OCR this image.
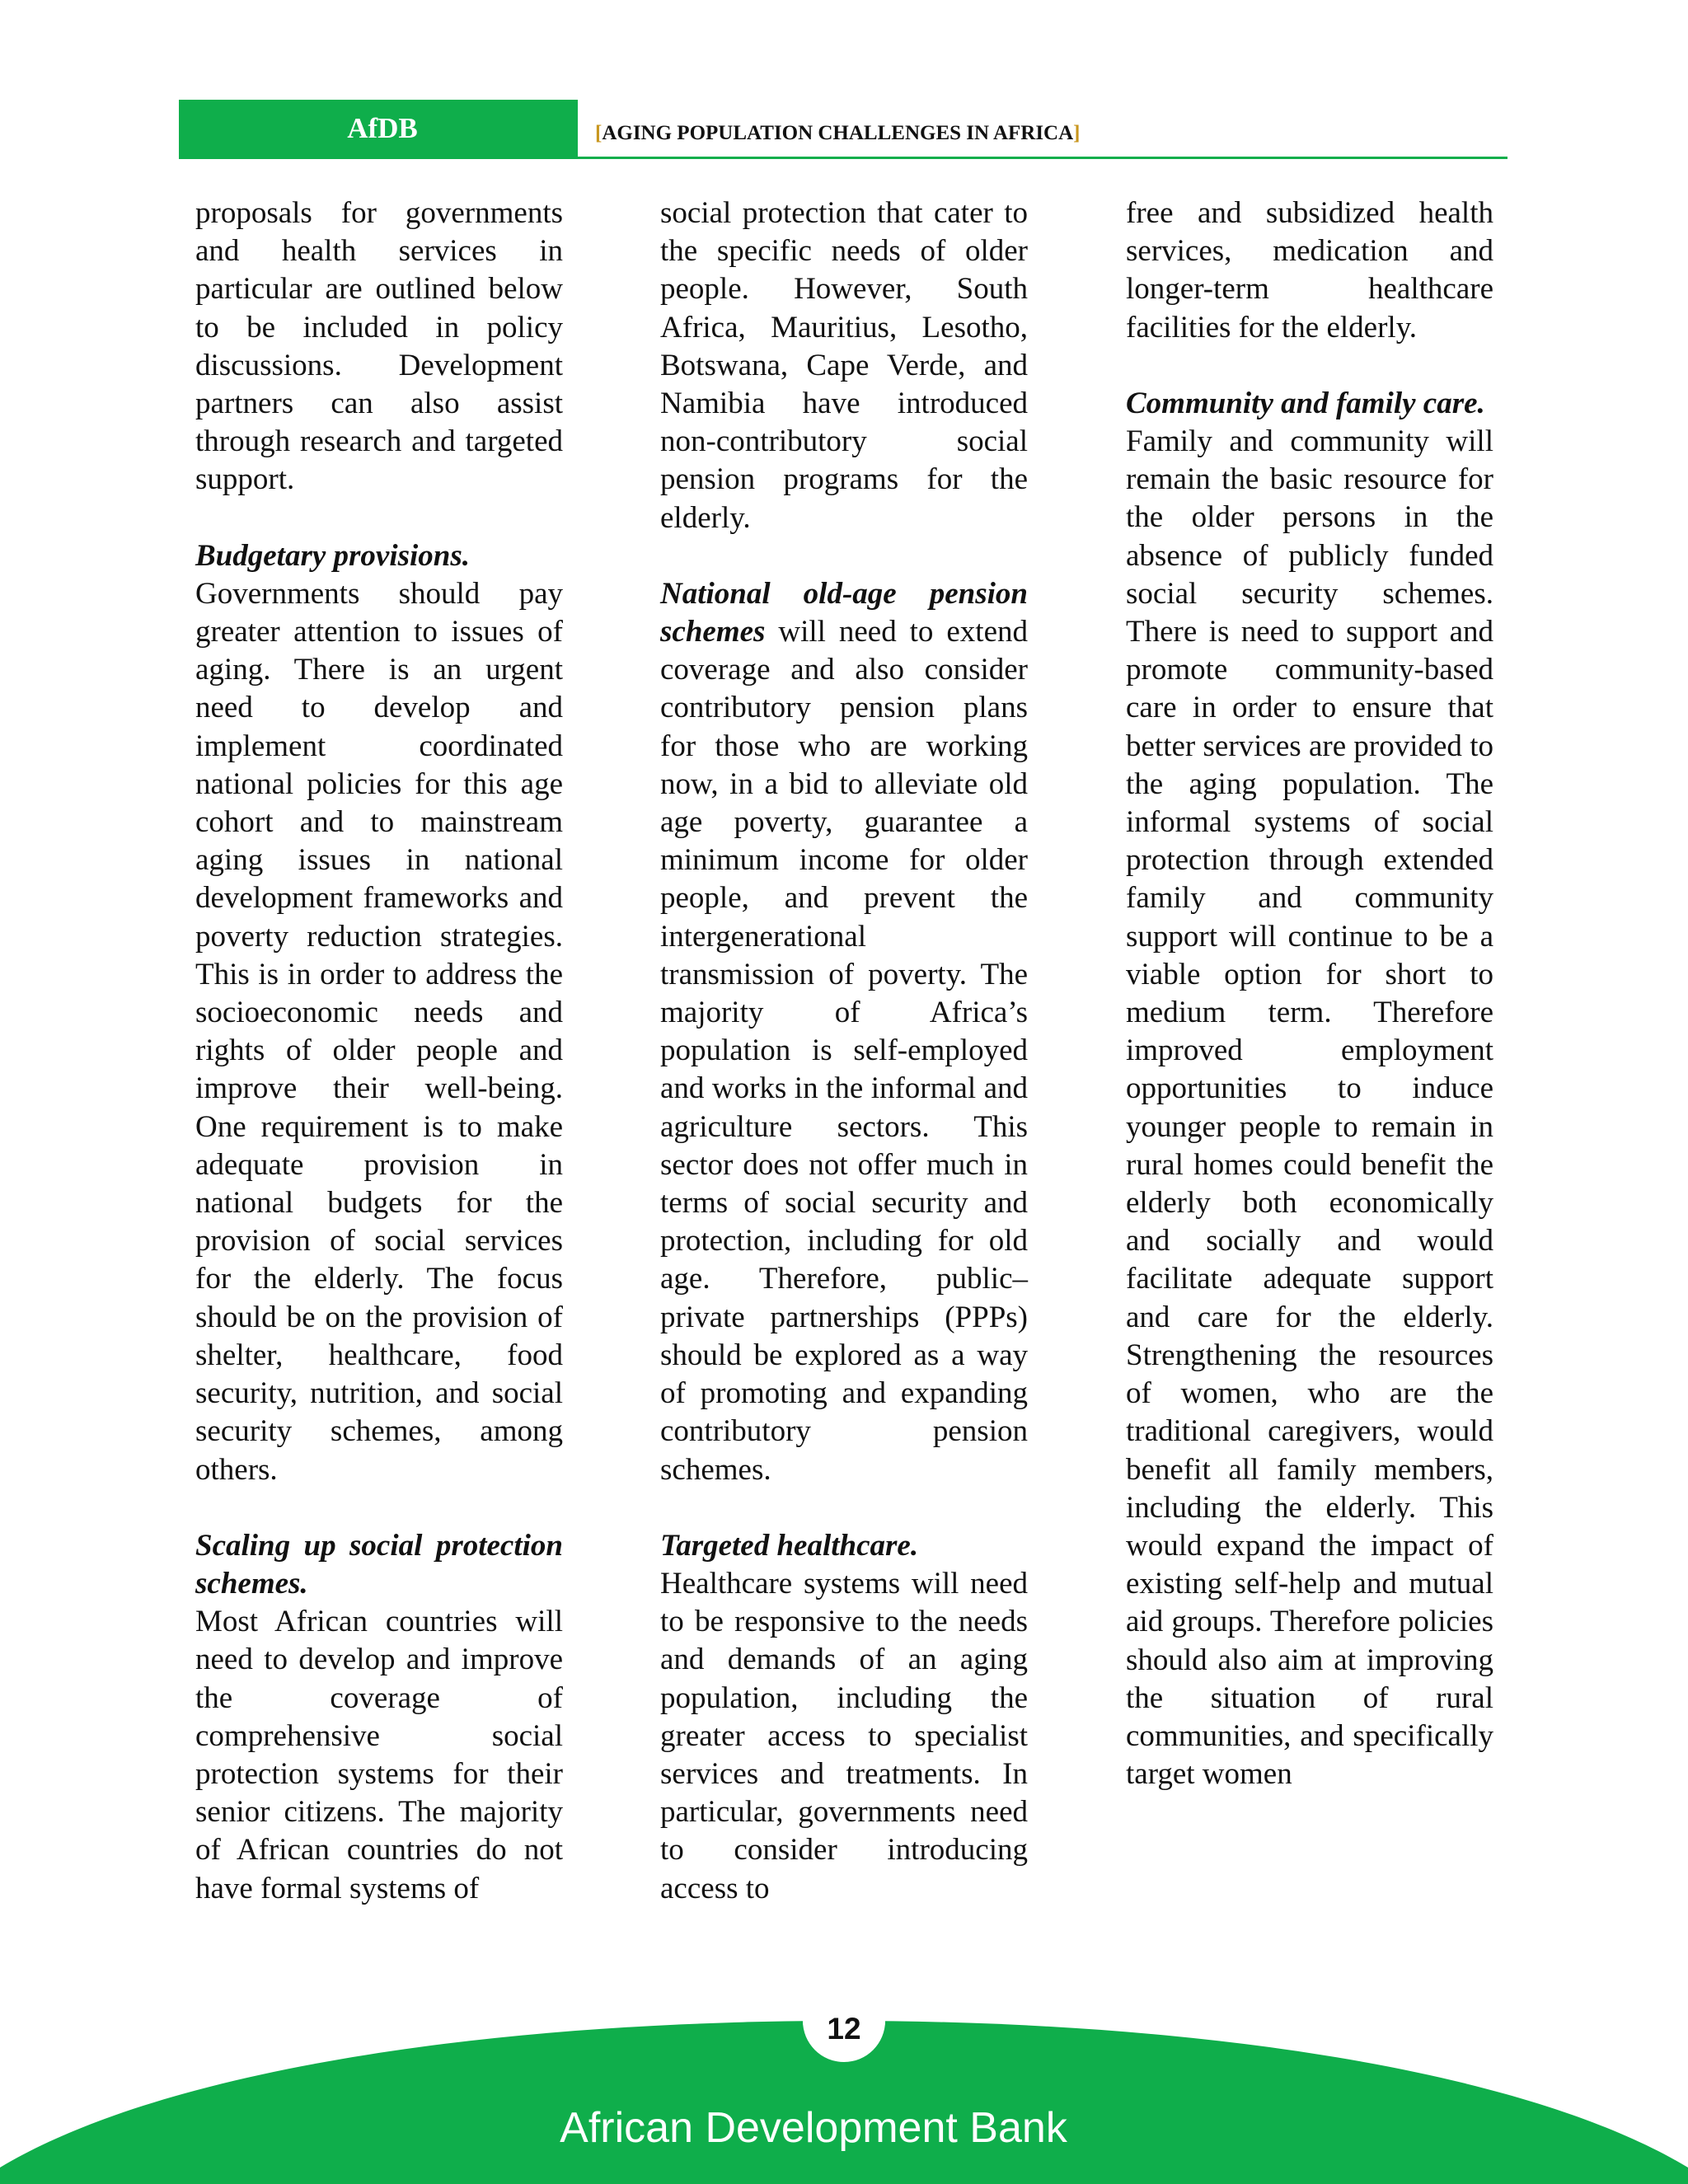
AfDB	[AGING POPULATION CHALLENGES IN AFRICA]

proposals for governments and health services in particular are outlined below to be included in policy discussions. Development partners can also assist through research and targeted support.

Budgetary provisions.

Governments should pay greater attention to issues of aging. There is an urgent need to develop and implement coordinated national policies for this age cohort and to mainstream aging issues in national development frameworks and poverty reduction strategies. This is in order to address the socioeconomic needs and rights of older people and improve their well-being. One requirement is to make adequate provision in national budgets for the provision of social services for the elderly. The focus should be on the provision of shelter, healthcare, food security, nutrition, and social security schemes, among others.

Scaling up social protection schemes.

Most African countries will need to develop and improve the coverage of comprehensive social protection systems for their senior citizens. The majority of African countries do not have formal systems of

social protection that cater to the specific needs of older people. However, South Africa, Mauritius, Lesotho, Botswana, Cape Verde, and Namibia have introduced non-contributory social pension programs for the elderly.

National old-age pension schemes will need to extend coverage and also consider contributory pension plans for those who are working now, in a bid to alleviate old age poverty, guarantee a minimum income for older people, and prevent the intergenerational transmission of poverty. The majority of Africa’s population is self-employed and works in the informal and agriculture sectors. This sector does not offer much in terms of social security and protection, including for old age. Therefore, public–private partnerships (PPPs) should be explored as a way of promoting and expanding contributory pension schemes.

Targeted healthcare.

Healthcare systems will need to be responsive to the needs and demands of an aging population, including the greater access to specialist services and treatments. In particular, governments need to consider introducing access to

free and subsidized health services, medication and longer-term healthcare facilities for the elderly.

Community and family care.

Family and community will remain the basic resource for the older persons in the absence of publicly funded social security schemes. There is need to support and promote community-based care in order to ensure that better services are provided to the aging population. The informal systems of social protection through extended family and community support will continue to be a viable option for short to medium term. Therefore improved employment opportunities to induce younger people to remain in rural homes could benefit the elderly both economically and socially and would facilitate adequate support and care for the elderly. Strengthening the resources of women, who are the traditional caregivers, would benefit all family members, including the elderly. This would expand the impact of existing self-help and mutual aid groups. Therefore policies should also aim at improving the situation of rural communities, and specifically target women

12
African Development Bank
